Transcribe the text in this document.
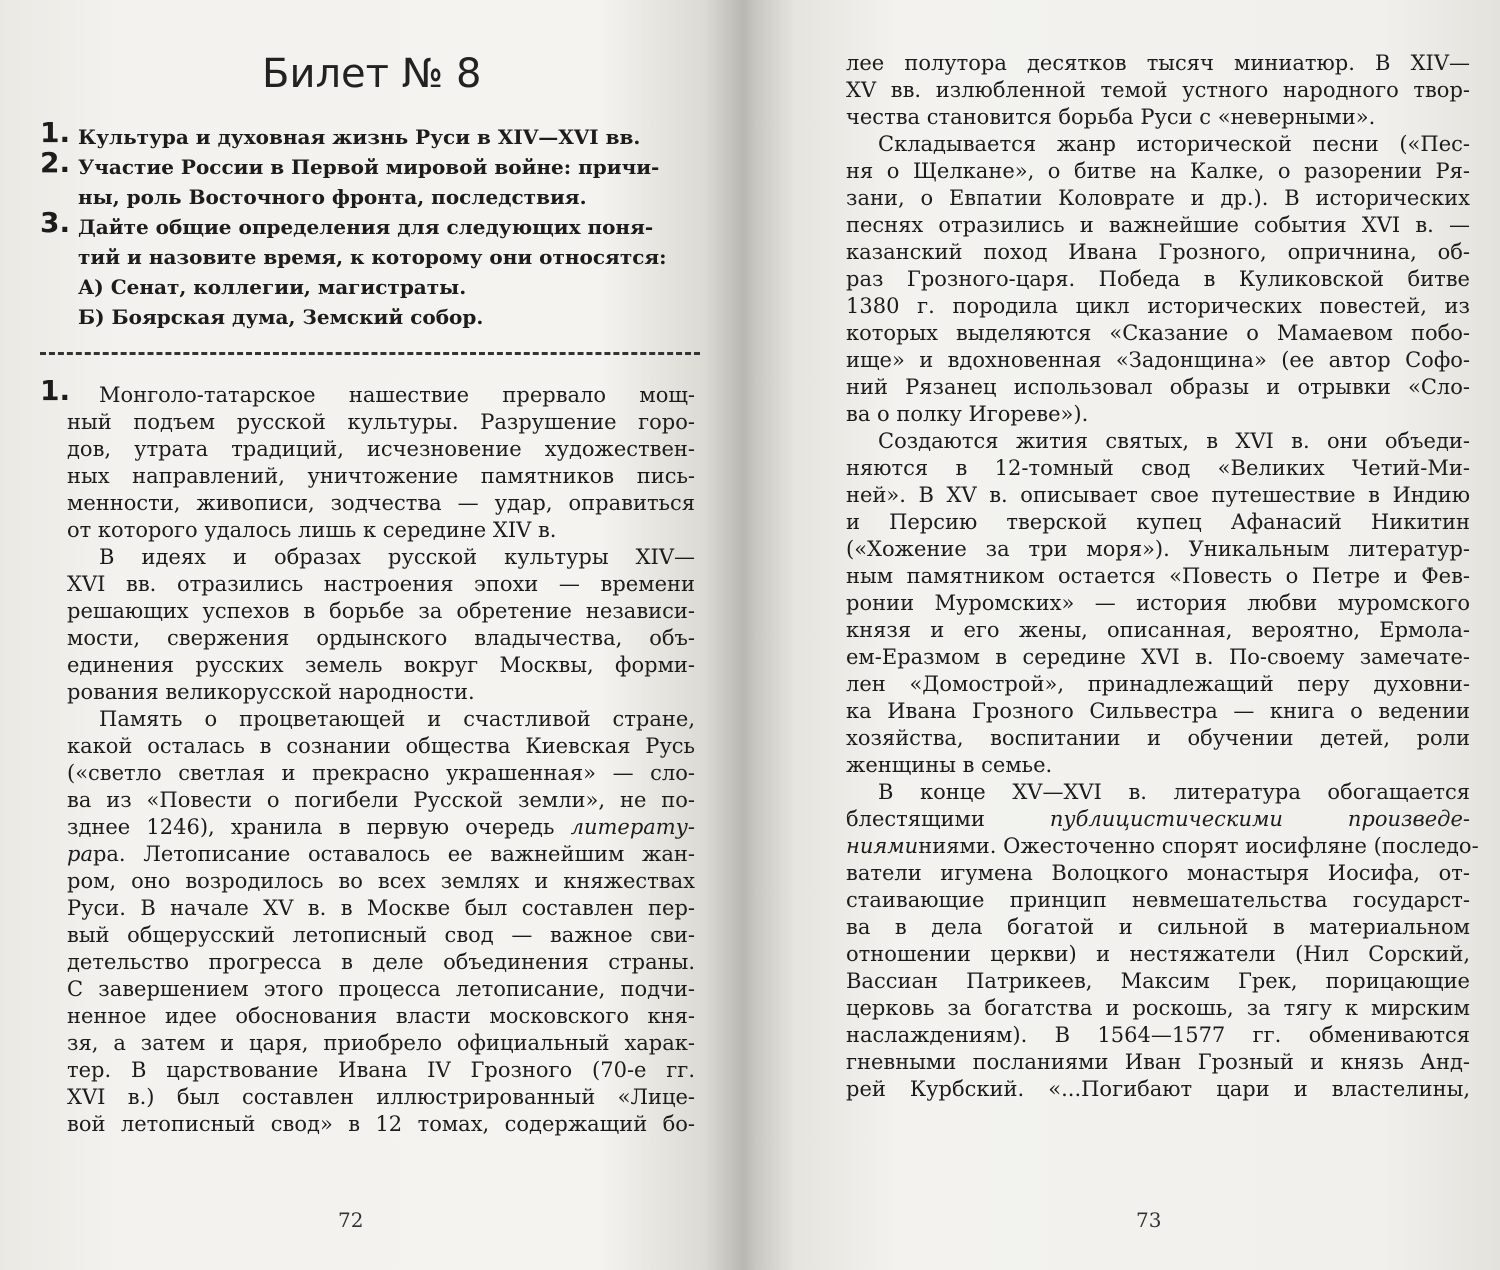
Билет № 8
1. Культура и духовная жизнь Руси в XIV—XVI вв.
2. Участие России в Первой мировой войне: причи-
ны, роль Восточного фронта, последствия.
3. Дайте общие определения для следующих поня-
тий и назовите время, к которому они относятся:
А) Сенат, коллегии, магистраты.
Б) Боярская дума, Земский собор.
1.	Монголо-татарское нашествие прервало мощ-
ный подъем русской культуры. Разрушение горо-
дов, утрата традиций, исчезновение художествен-
ных направлений, уничтожение памятников пись-
менности, живописи, зодчества — удар, оправиться
от которого удалось лишь к середине XIV в.
В идеях и образах русской культуры XIV—
XVI вв. отразились настроения эпохи — времени
решающих успехов в борьбе за обретение независи-
мости, свержения ордынского владычества, объ-
единения русских земель вокруг Москвы, форми-
рования великорусской народности.
Память о процветающей и счастливой стране,
какой осталась в сознании общества Киевская Русь
(«светло светлая и прекрасно украшенная» — сло-
ва из «Повести о погибели Русской земли», не по-
зднее 1246), хранила в первую очередь литерату-
рара. Летописание оставалось ее важнейшим жан-
ром, оно возродилось во всех землях и княжествах
Руси. В начале XV в. в Москве был составлен пер-
вый общерусский летописный свод — важное сви-
детельство прогресса в деле объединения страны.
С завершением этого процесса летописание, подчи-
ненное идее обоснования власти московского кня-
зя, а затем и царя, приобрело официальный харак-
тер. В царствование Ивана IV Грозного (70-е гг.
XVI в.) был составлен иллюстрированный «Лице-
вой летописный свод» в 12 томах, содержащий бо-
72
лее полутора десятков тысяч миниатюр. В XIV—
XV вв. излюбленной темой устного народного твор-
чества становится борьба Руси с «неверными».
Складывается жанр исторической песни («Пес-
ня о Щелкане», о битве на Калке, о разорении Ря-
зани, о Евпатии Коловрате и др.). В исторических
песнях отразились и важнейшие события XVI в. —
казанский поход Ивана Грозного, опричнина, об-
раз Грозного-царя. Победа в Куликовской битве
1380 г. породила цикл исторических повестей, из
которых выделяются «Сказание о Мамаевом побо-
ище» и вдохновенная «Задонщина» (ее автор Софо-
ний Рязанец использовал образы и отрывки «Сло-
ва о полку Игореве»).
Создаются жития святых, в XVI в. они объеди-
няются в 12-томный свод «Великих Четий-Ми-
ней». В XV в. описывает свое путешествие в Индию
и Персию тверской купец Афанасий Никитин
(«Хожение за три моря»). Уникальным литератур-
ным памятником остается «Повесть о Петре и Фев-
ронии Муромских» — история любви муромского
князя и его жены, описанная, вероятно, Ермола-
ем-Еразмом в середине XVI в. По-своему замечате-
лен «Домострой», принадлежащий перу духовни-
ка Ивана Грозного Сильвестра — книга о ведении
хозяйства, воспитании и обучении детей, роли
женщины в семье.
В конце XV—XVI в. литература обогащается
блестящими	публицистическими произведе-
нияминиями. Ожесточенно спорят иосифляне (последо-
ватели игумена Волоцкого монастыря Иосифа, от-
стаивающие принцип невмешательства государст-
ва в дела богатой и сильной в материальном
отношении церкви) и нестяжатели (Нил Сорский,
Вассиан Патрикеев, Максим Грек, порицающие
церковь за богатства и роскошь, за тягу к мирским
наслаждениям). В 1564—1577 гг. обмениваются
гневными посланиями Иван Грозный и князь Анд-
рей Курбский. «...Погибают цари и властелины,
73
